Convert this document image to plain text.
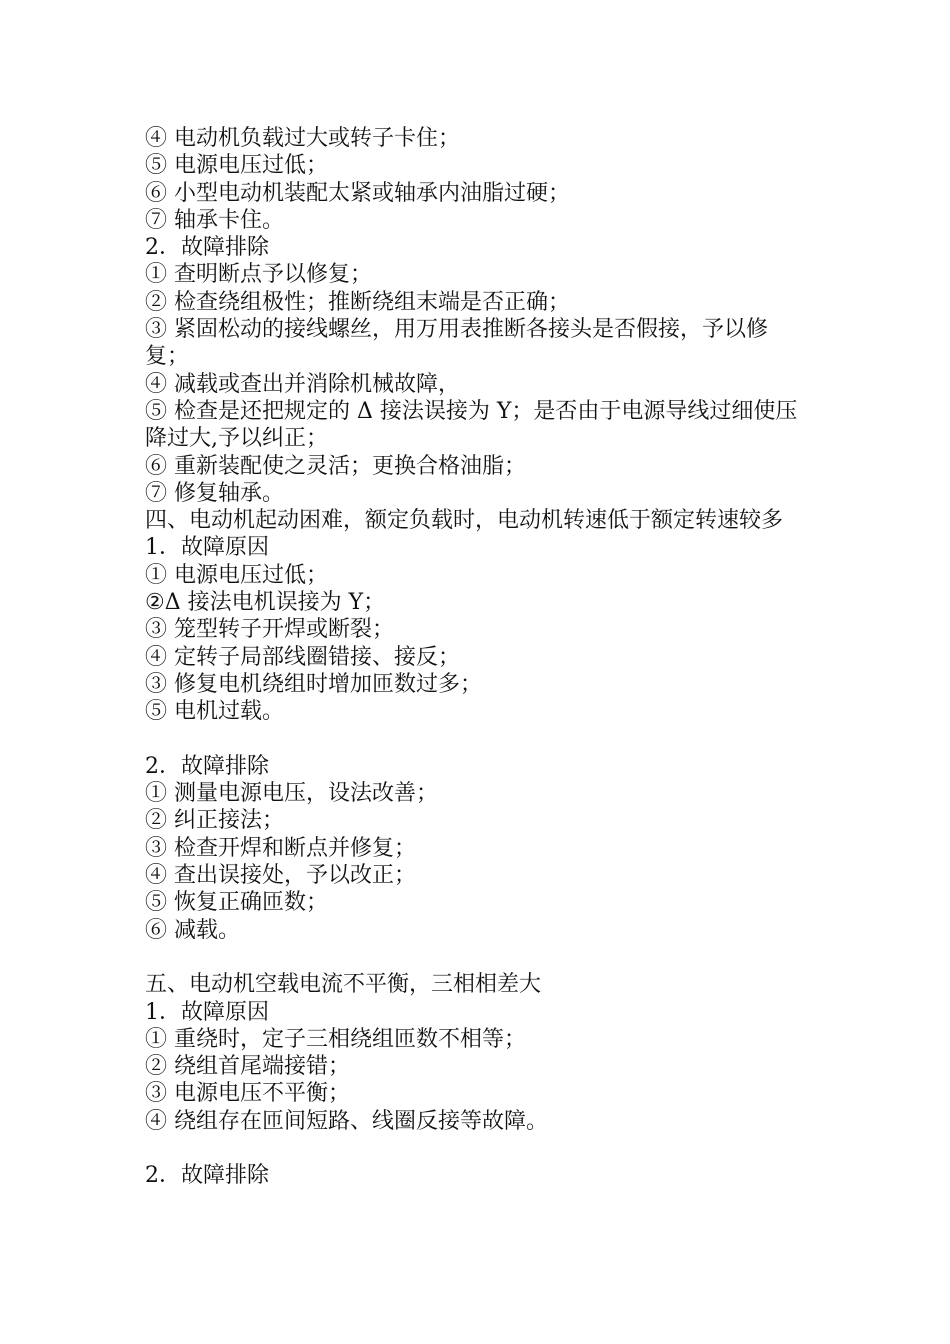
④ 电动机负载过大或转子卡住；
⑤ 电源电压过低；
⑥ 小型电动机装配太紧或轴承内油脂过硬；
⑦ 轴承卡住。
2．故障排除
① 查明断点予以修复；
② 检查绕组极性；推断绕组末端是否正确；
③ 紧固松动的接线螺丝，用万用表推断各接头是否假接，予以修复；
④ 减载或查出并消除机械故障，
⑤ 检查是还把规定的 Δ 接法误接为 Y；是否由于电源导线过细使压降过大,予以纠正；
⑥ 重新装配使之灵活；更换合格油脂；
⑦ 修复轴承。
四、电动机起动困难，额定负载时，电动机转速低于额定转速较多
1．故障原因
① 电源电压过低；
②Δ 接法电机误接为 Y；
③ 笼型转子开焊或断裂；
④ 定转子局部线圈错接、接反；
③ 修复电机绕组时增加匝数过多；
⑤ 电机过载。
2．故障排除
① 测量电源电压，设法改善；
② 纠正接法；
③ 检查开焊和断点并修复；
④ 查出误接处，予以改正；
⑤ 恢复正确匝数；
⑥ 减载。
五、电动机空载电流不平衡，三相相差大
1．故障原因
① 重绕时，定子三相绕组匝数不相等；
② 绕组首尾端接错；
③ 电源电压不平衡；
④ 绕组存在匝间短路、线圈反接等故障。
2．故障排除
